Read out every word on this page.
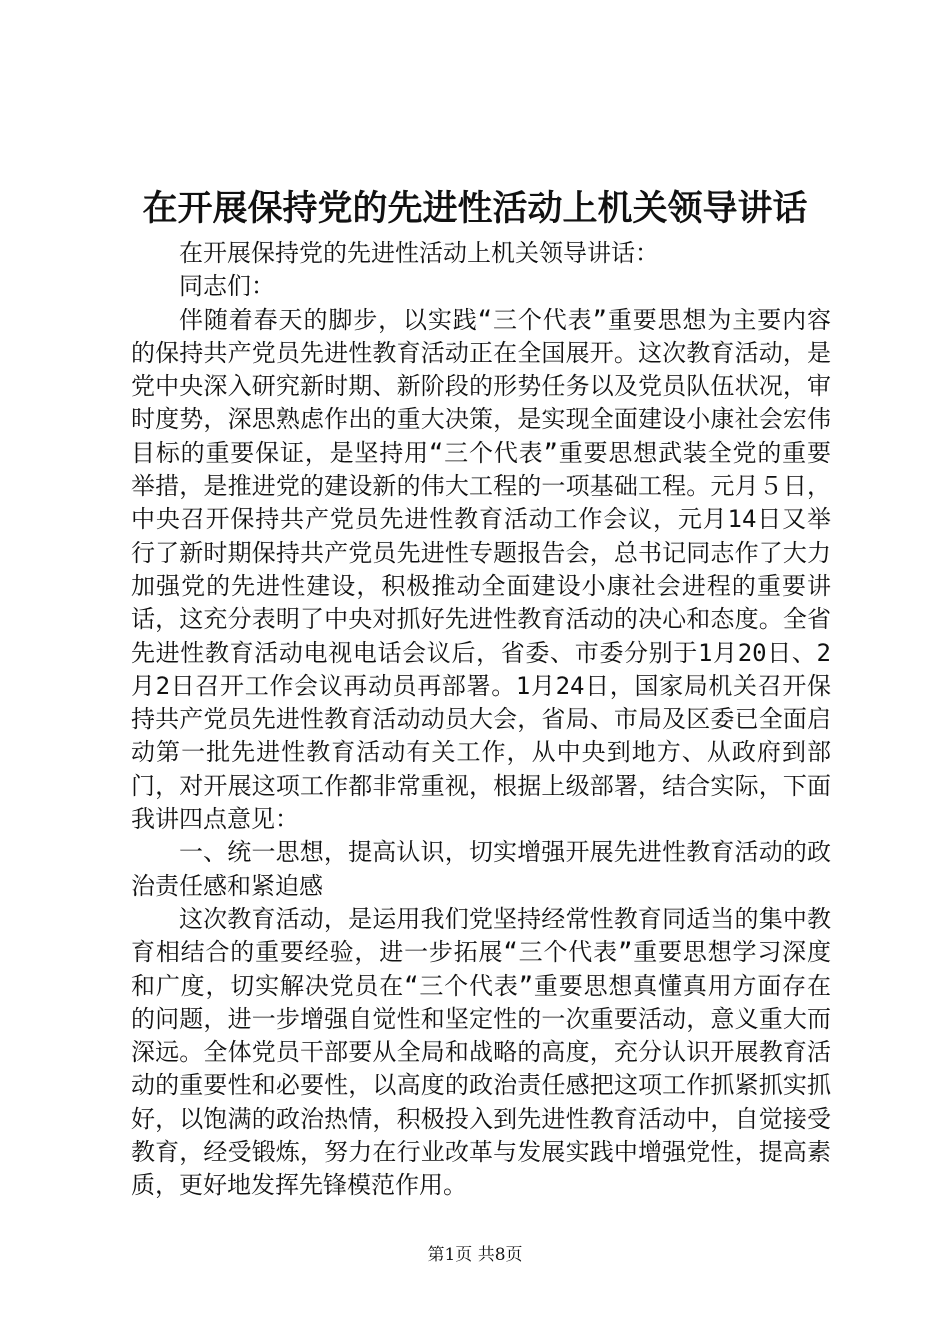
在开展保持党的先进性活动上机关领导讲话

在开展保持党的先进性活动上机关领导讲话：

同志们：

伴随着春天的脚步，以实践“三个代表”重要思想为主要内容的保持共产党员先进性教育活动正在全国展开。这次教育活动，是党中央深入研究新时期、新阶段的形势任务以及党员队伍状况，审时度势，深思熟虑作出的重大决策，是实现全面建设小康社会宏伟目标的重要保证，是坚持用“三个代表”重要思想武装全党的重要举措，是推进党的建设新的伟大工程的一项基础工程。元月５日，中央召开保持共产党员先进性教育活动工作会议，元月14日又举行了新时期保持共产党员先进性专题报告会，总书记同志作了大力加强党的先进性建设，积极推动全面建设小康社会进程的重要讲话，这充分表明了中央对抓好先进性教育活动的决心和态度。全省先进性教育活动电视电话会议后，省委、市委分别于1月20日、2月2日召开工作会议再动员再部署。1月24日，国家局机关召开保持共产党员先进性教育活动动员大会，省局、市局及区委已全面启动第一批先进性教育活动有关工作，从中央到地方、从政府到部门，对开展这项工作都非常重视，根据上级部署，结合实际，下面我讲四点意见：

一、统一思想，提高认识，切实增强开展先进性教育活动的政治责任感和紧迫感

这次教育活动，是运用我们党坚持经常性教育同适当的集中教育相结合的重要经验，进一步拓展“三个代表”重要思想学习深度和广度，切实解决党员在“三个代表”重要思想真懂真用方面存在的问题，进一步增强自觉性和坚定性的一次重要活动，意义重大而深远。全体党员干部要从全局和战略的高度，充分认识开展教育活动的重要性和必要性，以高度的政治责任感把这项工作抓紧抓实抓好，以饱满的政治热情，积极投入到先进性教育活动中，自觉接受教育，经受锻炼，努力在行业改革与发展实践中增强党性，提高素质，更好地发挥先锋模范作用。

第1页 共8页
